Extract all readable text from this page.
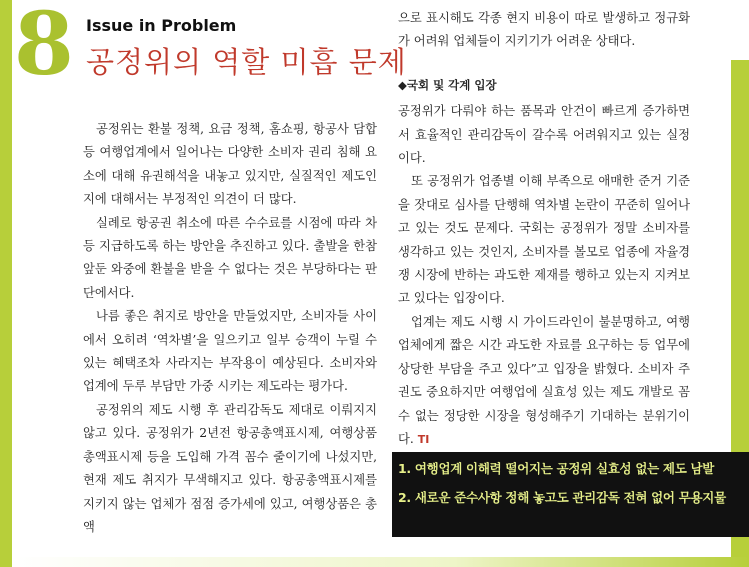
8 Issue in Problem
공정위의 역할 미흡 문제

공정위는 환불 정책, 요금 정책, 홈쇼핑, 항공사 담합 등 여행업계에서 일어나는 다양한 소비자 권리 침해 요소에 대해 유권해석을 내놓고 있지만, 실질적인 제도인지에 대해서는 부정적인 의견이 더 많다.

실례로 항공권 취소에 따른 수수료를 시점에 따라 차등 지급하도록 하는 방안을 추진하고 있다. 출발을 한참 앞둔 와중에 환불을 받을 수 없다는 것은 부당하다는 판단에서다.

나름 좋은 취지로 방안을 만들었지만, 소비자들 사이에서 오히려 ‘역차별’을 일으키고 일부 승객이 누릴 수 있는 혜택조차 사라지는 부작용이 예상된다. 소비자와 업계에 두루 부담만 가중 시키는 제도라는 평가다.

공정위의 제도 시행 후 관리감독도 제대로 이뤄지지 않고 있다. 공정위가 2년전 항공총액표시제, 여행상품총액표시제 등을 도입해 가격 꼼수 줄이기에 나섰지만, 현재 제도 취지가 무색해지고 있다. 항공총액표시제를 지키지 않는 업체가 점점 증가세에 있고, 여행상품은 총액

으로 표시해도 각종 현지 비용이 따로 발생하고 정규화가 어려워 업체들이 지키기가 어려운 상태다.

◆국회 및 각계 입장

공정위가 다뤄야 하는 품목과 안건이 빠르게 증가하면서 효율적인 관리감독이 갈수록 어려워지고 있는 실정이다.

또 공정위가 업종별 이해 부족으로 애매한 준거 기준을 잣대로 심사를 단행해 역차별 논란이 꾸준히 일어나고 있는 것도 문제다. 국회는 공정위가 정말 소비자를 생각하고 있는 것인지, 소비자를 볼모로 업종에 자율경쟁 시장에 반하는 과도한 제재를 행하고 있는지 지켜보고 있다는 입장이다.

업계는 제도 시행 시 가이드라인이 불분명하고, 여행업체에게 짧은 시간 과도한 자료를 요구하는 등 업무에 상당한 부담을 주고 있다”고 입장을 밝혔다. 소비자 주권도 중요하지만 여행업에 실효성 있는 제도 개발로 꼼수 없는 정당한 시장을 형성해주기 기대하는 분위기이다. TI

1. 여행업계 이해력 떨어지는 공정위 실효성 없는 제도 남발
2. 새로운 준수사항 정해 놓고도 관리감독 전혀 없어 무용지물
